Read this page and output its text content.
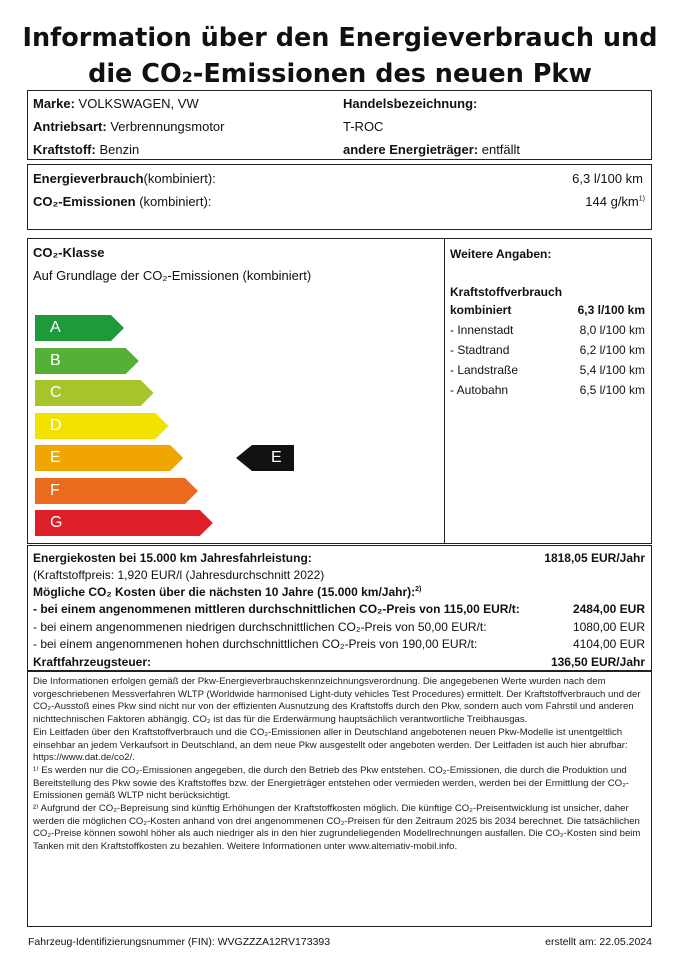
Information über den Energieverbrauch und
die CO₂-Emissionen des neuen Pkw
Marke: VOLKSWAGEN, VW
Antriebsart: Verbrennungsmotor
Kraftstoff: Benzin
Handelsbezeichnung:
T-ROC
andere Energieträger: entfällt
Energieverbrauch(kombiniert):	6,3 l/100 km
CO₂-Emissionen (kombiniert):	144 $g/km^{1)}$
CO₂-Klasse
Auf Grundlage der CO₂-Emissionen (kombiniert)
A
B
C
D
E
F
G
E
Weitere Angaben:
Kraftstoffverbrauch
kombiniert	6,3 l/100 km
- Innenstadt	8,0 l/100 km
- Stadtrand	6,2 l/100 km
- Landstraße	5,4 l/100 km
- Autobahn	6,5 l/100 km
Energiekosten bei 15.000 km Jahresfahrleistung:	1818,05 EUR/Jahr
(Kraftstoffpreis: 1,920 EUR/l (Jahresdurchschnitt 2022)
Mögliche CO₂ Kosten über die nächsten 10 Jahre (15.000 km/Jahr):$^{2)}$
- bei einem angenommenen mittleren durchschnittlichen CO₂-Preis von 115,00 EUR/t:	2484,00 EUR
- bei einem angenommenen niedrigen durchschnittlichen CO₂-Preis von 50,00 EUR/t:	1080,00 EUR
- bei einem angenommenen hohen durchschnittlichen CO₂-Preis von 190,00 EUR/t:	4104,00 EUR
Kraftfahrzeugsteuer:	136,50 EUR/Jahr

Die Informationen erfolgen gemäß der Pkw-Energieverbrauchskennzeichnungsverordnung. Die angegebenen Werte wurden nach dem vorgeschriebenen Messverfahren WLTP (Worldwide harmonised Light-duty vehicles Test Procedures) ermittelt. Der Kraftstoffverbrauch und der CO₂-Ausstoß eines Pkw sind nicht nur von der effizienten Ausnutzung des Kraftstoffs durch den Pkw, sondern auch vom Fahrstil und anderen nichttechnischen Faktoren abhängig. CO₂ ist das für die Erderwärmung hauptsächlich verantwortliche Treibhausgas.

Ein Leitfaden über den Kraftstoffverbrauch und die CO₂-Emissionen aller in Deutschland angebotenen neuen Pkw-Modelle ist unentgeltlich einsehbar an jedem Verkaufsort in Deutschland, an dem neue Pkw ausgestellt oder angeboten werden. Der Leitfaden ist auch hier abrufbar: https://www.dat.de/co2/.

¹⁾ Es werden nur die CO₂-Emissionen angegeben, die durch den Betrieb des Pkw entstehen. CO₂-Emissionen, die durch die Produktion und Bereitstellung des Pkw sowie des Kraftstoffes bzw. der Energieträger entstehen oder vermieden werden, werden bei der Ermittlung der CO₂-Emissionen gemäß WLTP nicht berücksichtigt.

²⁾ Aufgrund der CO₂-Bepreisung sind künftig Erhöhungen der Kraftstoffkosten möglich. Die künftige CO₂-Preisentwicklung ist unsicher, daher werden die möglichen CO₂-Kosten anhand von drei angenommenen CO₂-Preisen für den Zeitraum 2025 bis 2034 berechnet. Die tatsächlichen CO₂-Preise können sowohl höher als auch niedriger als in den hier zugrundeliegenden Modellrechnungen ausfallen. Die CO₂-Kosten sind beim Tanken mit den Kraftstoffkosten zu bezahlen. Weitere Informationen unter www.alternativ-mobil.info.

Fahrzeug-Identifizierungsnummer (FIN): WVGZZZA12RV173393	erstellt am: 22.05.2024
